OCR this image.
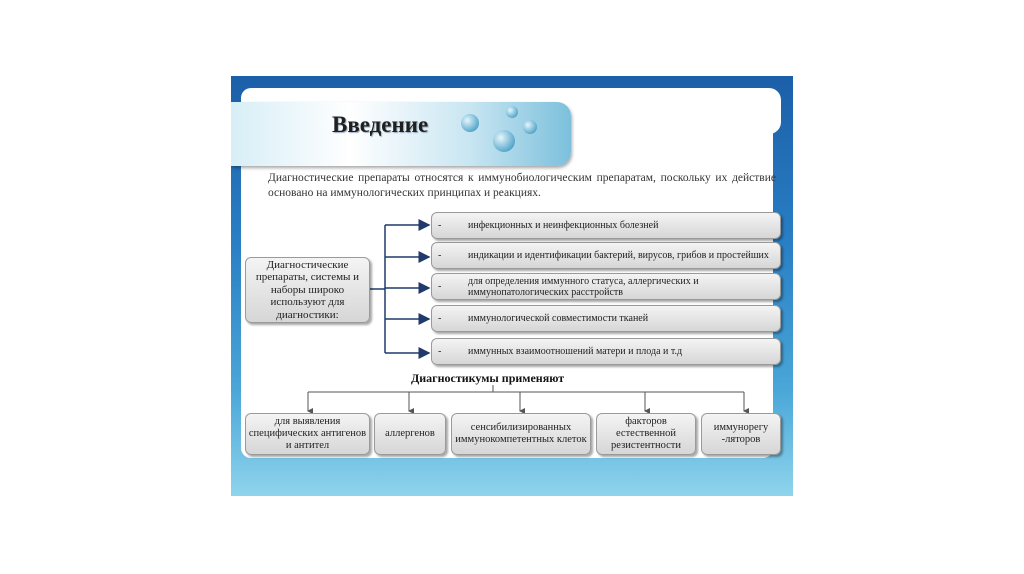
Введение
Диагностические препараты относятся к иммунобиологическим препаратам, поскольку их действие основано на иммунологических принципах и реакциях.
Диагностические препараты, системы и наборы широко используют для диагностики:
-	инфекционных и неинфекционных болезней
-	индикации и идентификации бактерий, вирусов, грибов и простейших
-	для определения иммунного статуса, аллергических и иммунопатологических расстройств
-	иммунологической совместимости тканей
-	иммунных взаимоотношений матери и плода и т.д
Диагностикумы применяют
для выявления специфических антигенов и антител
аллергенов
сенсибилизированных иммунокомпетентных клеток
факторов естественной резистентности
иммунорегу -ляторов
